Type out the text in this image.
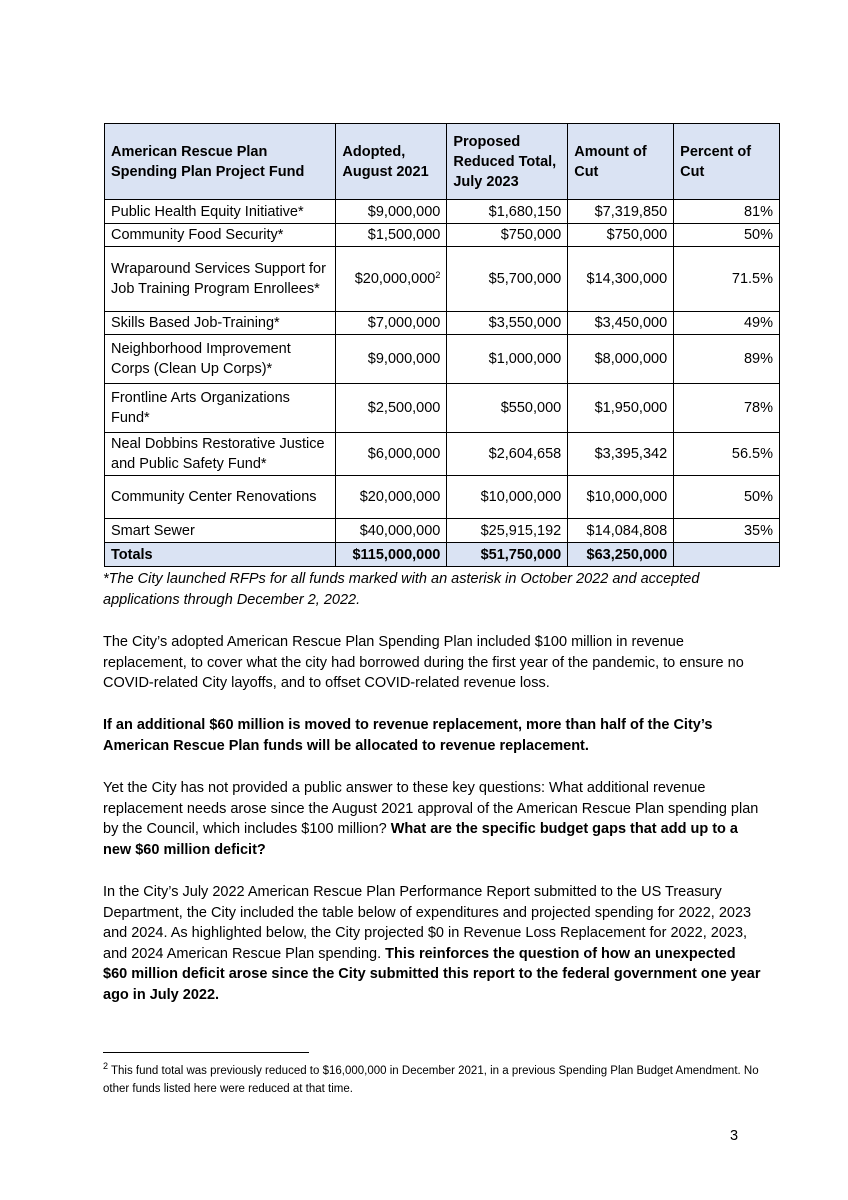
American Rescue Plan Spending Plan Project Fund	Adopted, August 2021	Proposed Reduced Total, July 2023	Amount of Cut	Percent of Cut
Public Health Equity Initiative*	$9,000,000	$1,680,150	$7,319,850	81%
Community Food Security*	$1,500,000	$750,000	$750,000	50%
Wraparound Services Support for Job Training Program Enrollees*	$20,000,000$^2$	$5,700,000	$14,300,000	71.5%
Skills Based Job-Training*	$7,000,000	$3,550,000	$3,450,000	49%
Neighborhood Improvement Corps (Clean Up Corps)*	$9,000,000	$1,000,000	$8,000,000	89%
Frontline Arts Organizations Fund*	$2,500,000	$550,000	$1,950,000	78%
Neal Dobbins Restorative Justice and Public Safety Fund*	$6,000,000	$2,604,658	$3,395,342	56.5%
Community Center Renovations	$20,000,000	$10,000,000	$10,000,000	50%
Smart Sewer	$40,000,000	$25,915,192	$14,084,808	35%
Totals	$115,000,000	$51,750,000	$63,250,000	

*The City launched RFPs for all funds marked with an asterisk in October 2022 and accepted applications through December 2, 2022.

The City’s adopted American Rescue Plan Spending Plan included $100 million in revenue replacement, to cover what the city had borrowed during the first year of the pandemic, to ensure no COVID-related City layoffs, and to offset COVID-related revenue loss.

If an additional $60 million is moved to revenue replacement, more than half of the City’s American Rescue Plan funds will be allocated to revenue replacement.

Yet the City has not provided a public answer to these key questions: What additional revenue replacement needs arose since the August 2021 approval of the American Rescue Plan spending plan by the Council, which includes $100 million? What are the specific budget gaps that add up to a new $60 million deficit?

In the City’s July 2022 American Rescue Plan Performance Report submitted to the US Treasury Department, the City included the table below of expenditures and projected spending for 2022, 2023 and 2024. As highlighted below, the City projected $0 in Revenue Loss Replacement for 2022, 2023, and 2024 American Rescue Plan spending. This reinforces the question of how an unexpected $60 million deficit arose since the City submitted this report to the federal government one year ago in July 2022.

$^2$ This fund total was previously reduced to $16,000,000 in December 2021, in a previous Spending Plan Budget Amendment. No other funds listed here were reduced at that time.

3
